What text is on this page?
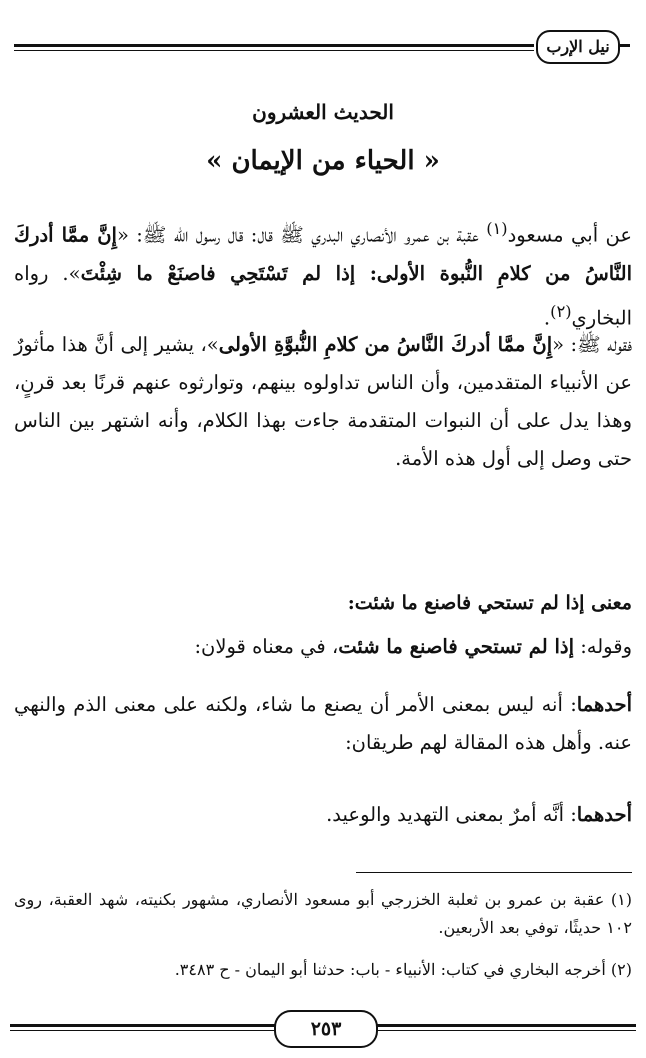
نيل الإرب
الحديث العشرون
« الحياء من الإيمان »
عن أبي مسعود$^{(١)}$ عقبة بن عمرو الأنصاري البدري ﷺ قال: قال رسول الله ﷺ: «إِنَّ ممَّا أدركَ النَّاسُ من كلامِ النُّبوة الأولى: إذا لم تَسْتَحِي فاصنَعْ ما شِئْتَ». رواه البخاري$^{(٢)}$.
فقوله ﷺ: «إِنَّ ممَّا أدركَ النَّاسُ من كلامِ النُّبوَّةِ الأولى»، يشير إلى أنَّ هذا مأثورٌ عن الأنبياء المتقدمين، وأن الناس تداولوه بينهم، وتوارثوه عنهم قرنًا بعد قرنٍ، وهذا يدل على أن النبوات المتقدمة جاءت بهذا الكلام، وأنه اشتهر بين الناس حتى وصل إلى أول هذه الأمة.
معنى إذا لم تستحي فاصنع ما شئت:
وقوله: إذا لم تستحي فاصنع ما شئت، في معناه قولان:
أحدهما: أنه ليس بمعنى الأمر أن يصنع ما شاء، ولكنه على معنى الذم والنهي عنه. وأهل هذه المقالة لهم طريقان:
أحدهما: أنَّه أمرٌ بمعنى التهديد والوعيد.
(١) عقبة بن عمرو بن ثعلبة الخزرجي أبو مسعود الأنصاري، مشهور بكنيته، شهد العقبة، روى ١٠٢ حديثًا، توفي بعد الأربعين.
(٢) أخرجه البخاري في كتاب: الأنبياء - باب: حدثنا أبو اليمان - ح ٣٤٨٣.
٢٥٣
